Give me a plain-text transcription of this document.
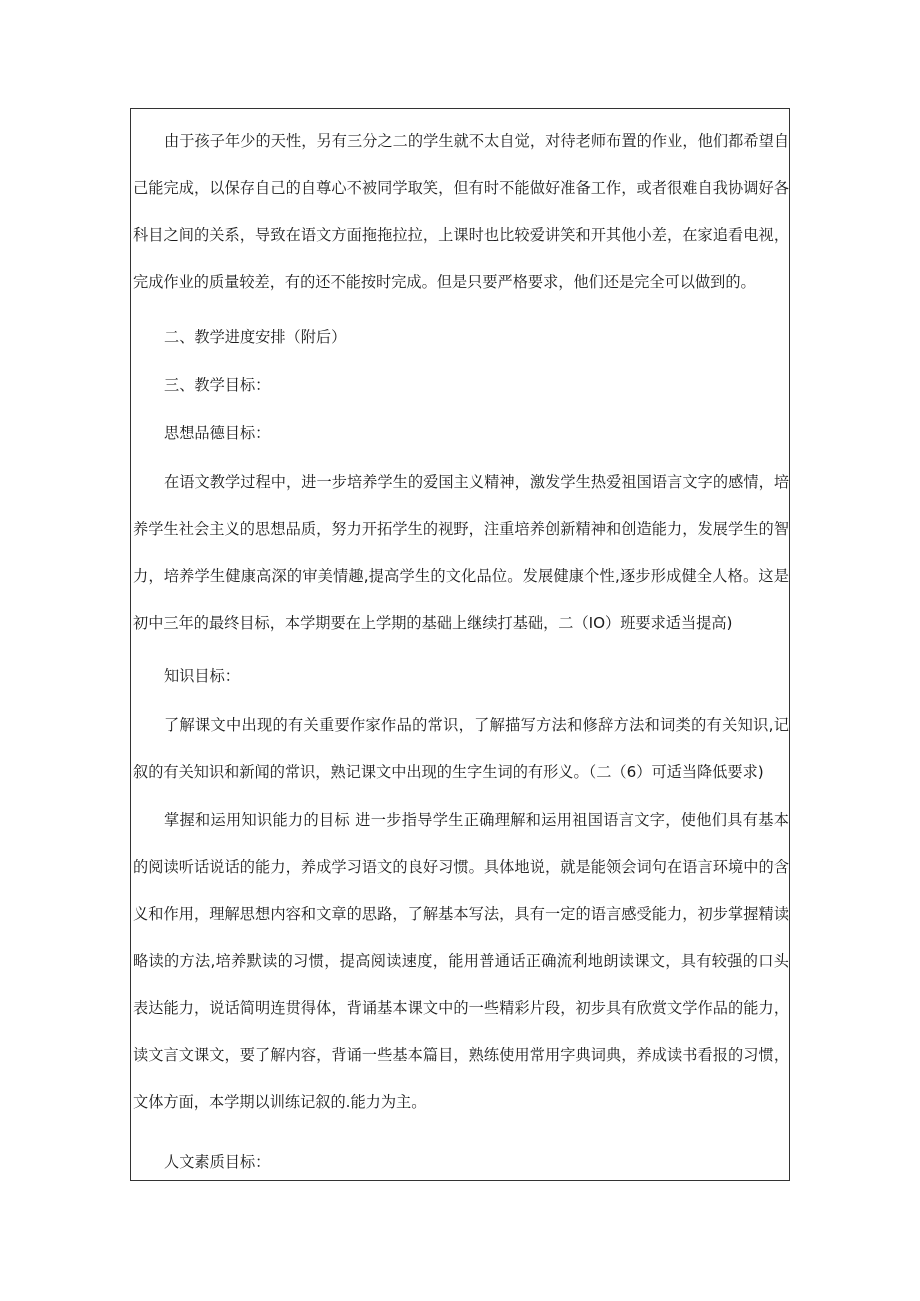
由于孩子年少的天性，另有三分之二的学生就不太自觉，对待老师布置的作业，他们都希望自己能完成，以保存自己的自尊心不被同学取笑，但有时不能做好准备工作，或者很难自我协调好各科目之间的关系，导致在语文方面拖拖拉拉，上课时也比较爱讲笑和开其他小差，在家追看电视，完成作业的质量较差，有的还不能按时完成。但是只要严格要求，他们还是完全可以做到的。

二、教学进度安排（附后）

三、教学目标：

思想品德目标：

在语文教学过程中，进一步培养学生的爱国主义精神，激发学生热爱祖国语言文字的感情，培养学生社会主义的思想品质，努力开拓学生的视野，注重培养创新精神和创造能力，发展学生的智力，培养学生健康高深的审美情趣,提高学生的文化品位。发展健康个性,逐步形成健全人格。这是初中三年的最终目标，本学期要在上学期的基础上继续打基础，二（IO）班要求适当提高)

知识目标：

了解课文中出现的有关重要作家作品的常识，了解描写方法和修辞方法和词类的有关知识,记叙的有关知识和新闻的常识，熟记课文中出现的生字生词的有形义。（二（6）可适当降低要求)

掌握和运用知识能力的目标 进一步指导学生正确理解和运用祖国语言文字，使他们具有基本的阅读听话说话的能力，养成学习语文的良好习惯。具体地说，就是能领会词句在语言环境中的含义和作用，理解思想内容和文章的思路，了解基本写法，具有一定的语言感受能力，初步掌握精读略读的方法,培养默读的习惯，提高阅读速度，能用普通话正确流利地朗读课文，具有较强的口头表达能力，说话简明连贯得体，背诵基本课文中的一些精彩片段，初步具有欣赏文学作品的能力，读文言文课文，要了解内容，背诵一些基本篇目，熟练使用常用字典词典，养成读书看报的习惯，文体方面，本学期以训练记叙的.能力为主。

人文素质目标：
